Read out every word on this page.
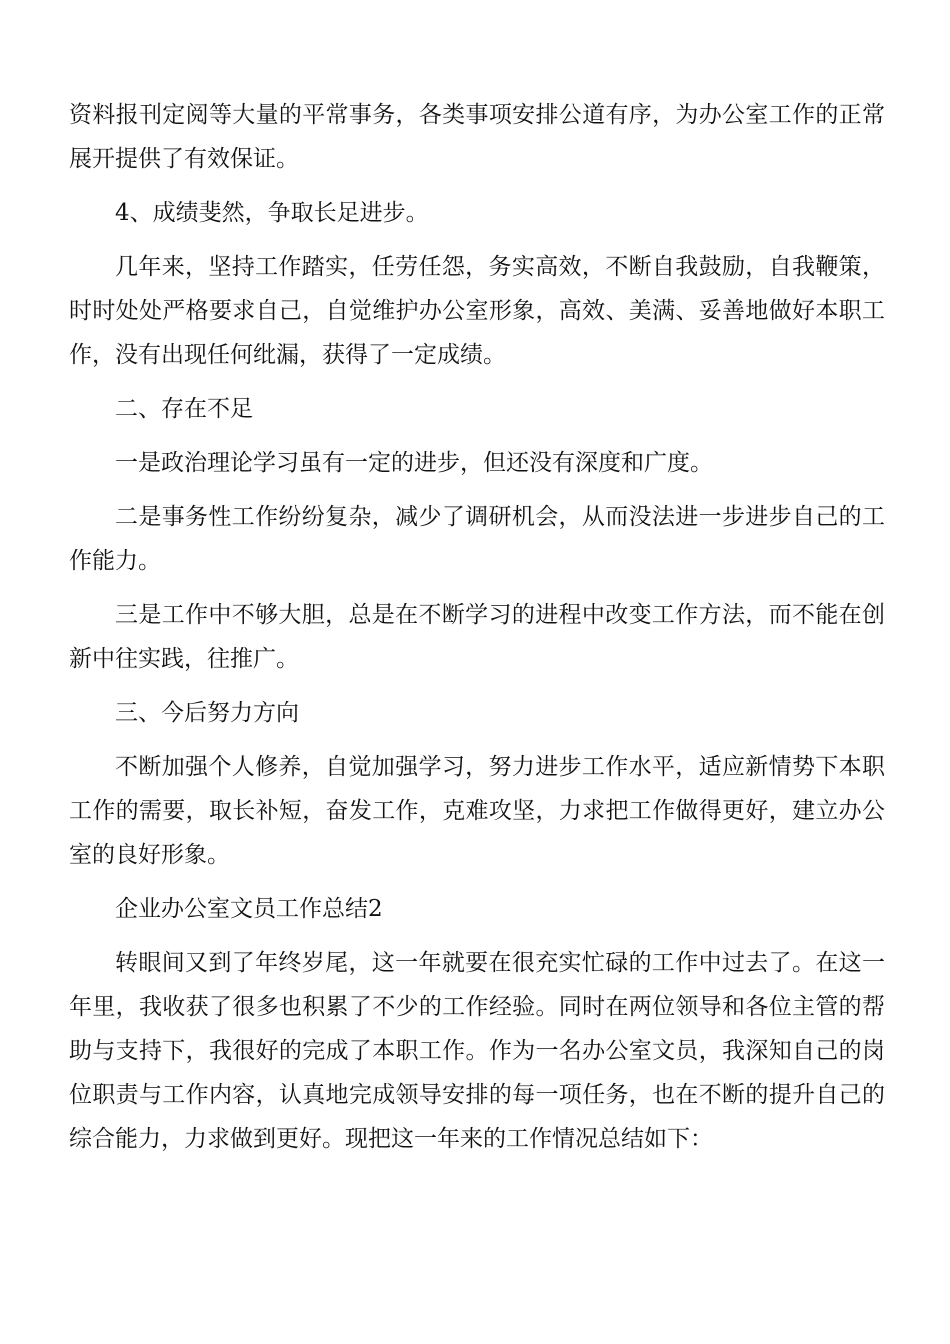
资料报刊定阅等大量的平常事务，各类事项安排公道有序，为办公室工作的正常展开提供了有效保证。

4、成绩斐然，争取长足进步。

几年来，坚持工作踏实，任劳任怨，务实高效，不断自我鼓励，自我鞭策，时时处处严格要求自己，自觉维护办公室形象，高效、美满、妥善地做好本职工作，没有出现任何纰漏，获得了一定成绩。

二、存在不足

一是政治理论学习虽有一定的进步，但还没有深度和广度。

二是事务性工作纷纷复杂，减少了调研机会，从而没法进一步进步自己的工作能力。

三是工作中不够大胆，总是在不断学习的进程中改变工作方法，而不能在创新中往实践，往推广。

三、今后努力方向

不断加强个人修养，自觉加强学习，努力进步工作水平，适应新情势下本职工作的需要，取长补短，奋发工作，克难攻坚，力求把工作做得更好，建立办公室的良好形象。

企业办公室文员工作总结2

转眼间又到了年终岁尾，这一年就要在很充实忙碌的工作中过去了。在这一年里，我收获了很多也积累了不少的工作经验。同时在两位领导和各位主管的帮助与支持下，我很好的完成了本职工作。作为一名办公室文员，我深知自己的岗位职责与工作内容，认真地完成领导安排的每一项任务，也在不断的提升自己的综合能力，力求做到更好。现把这一年来的工作情况总结如下：
